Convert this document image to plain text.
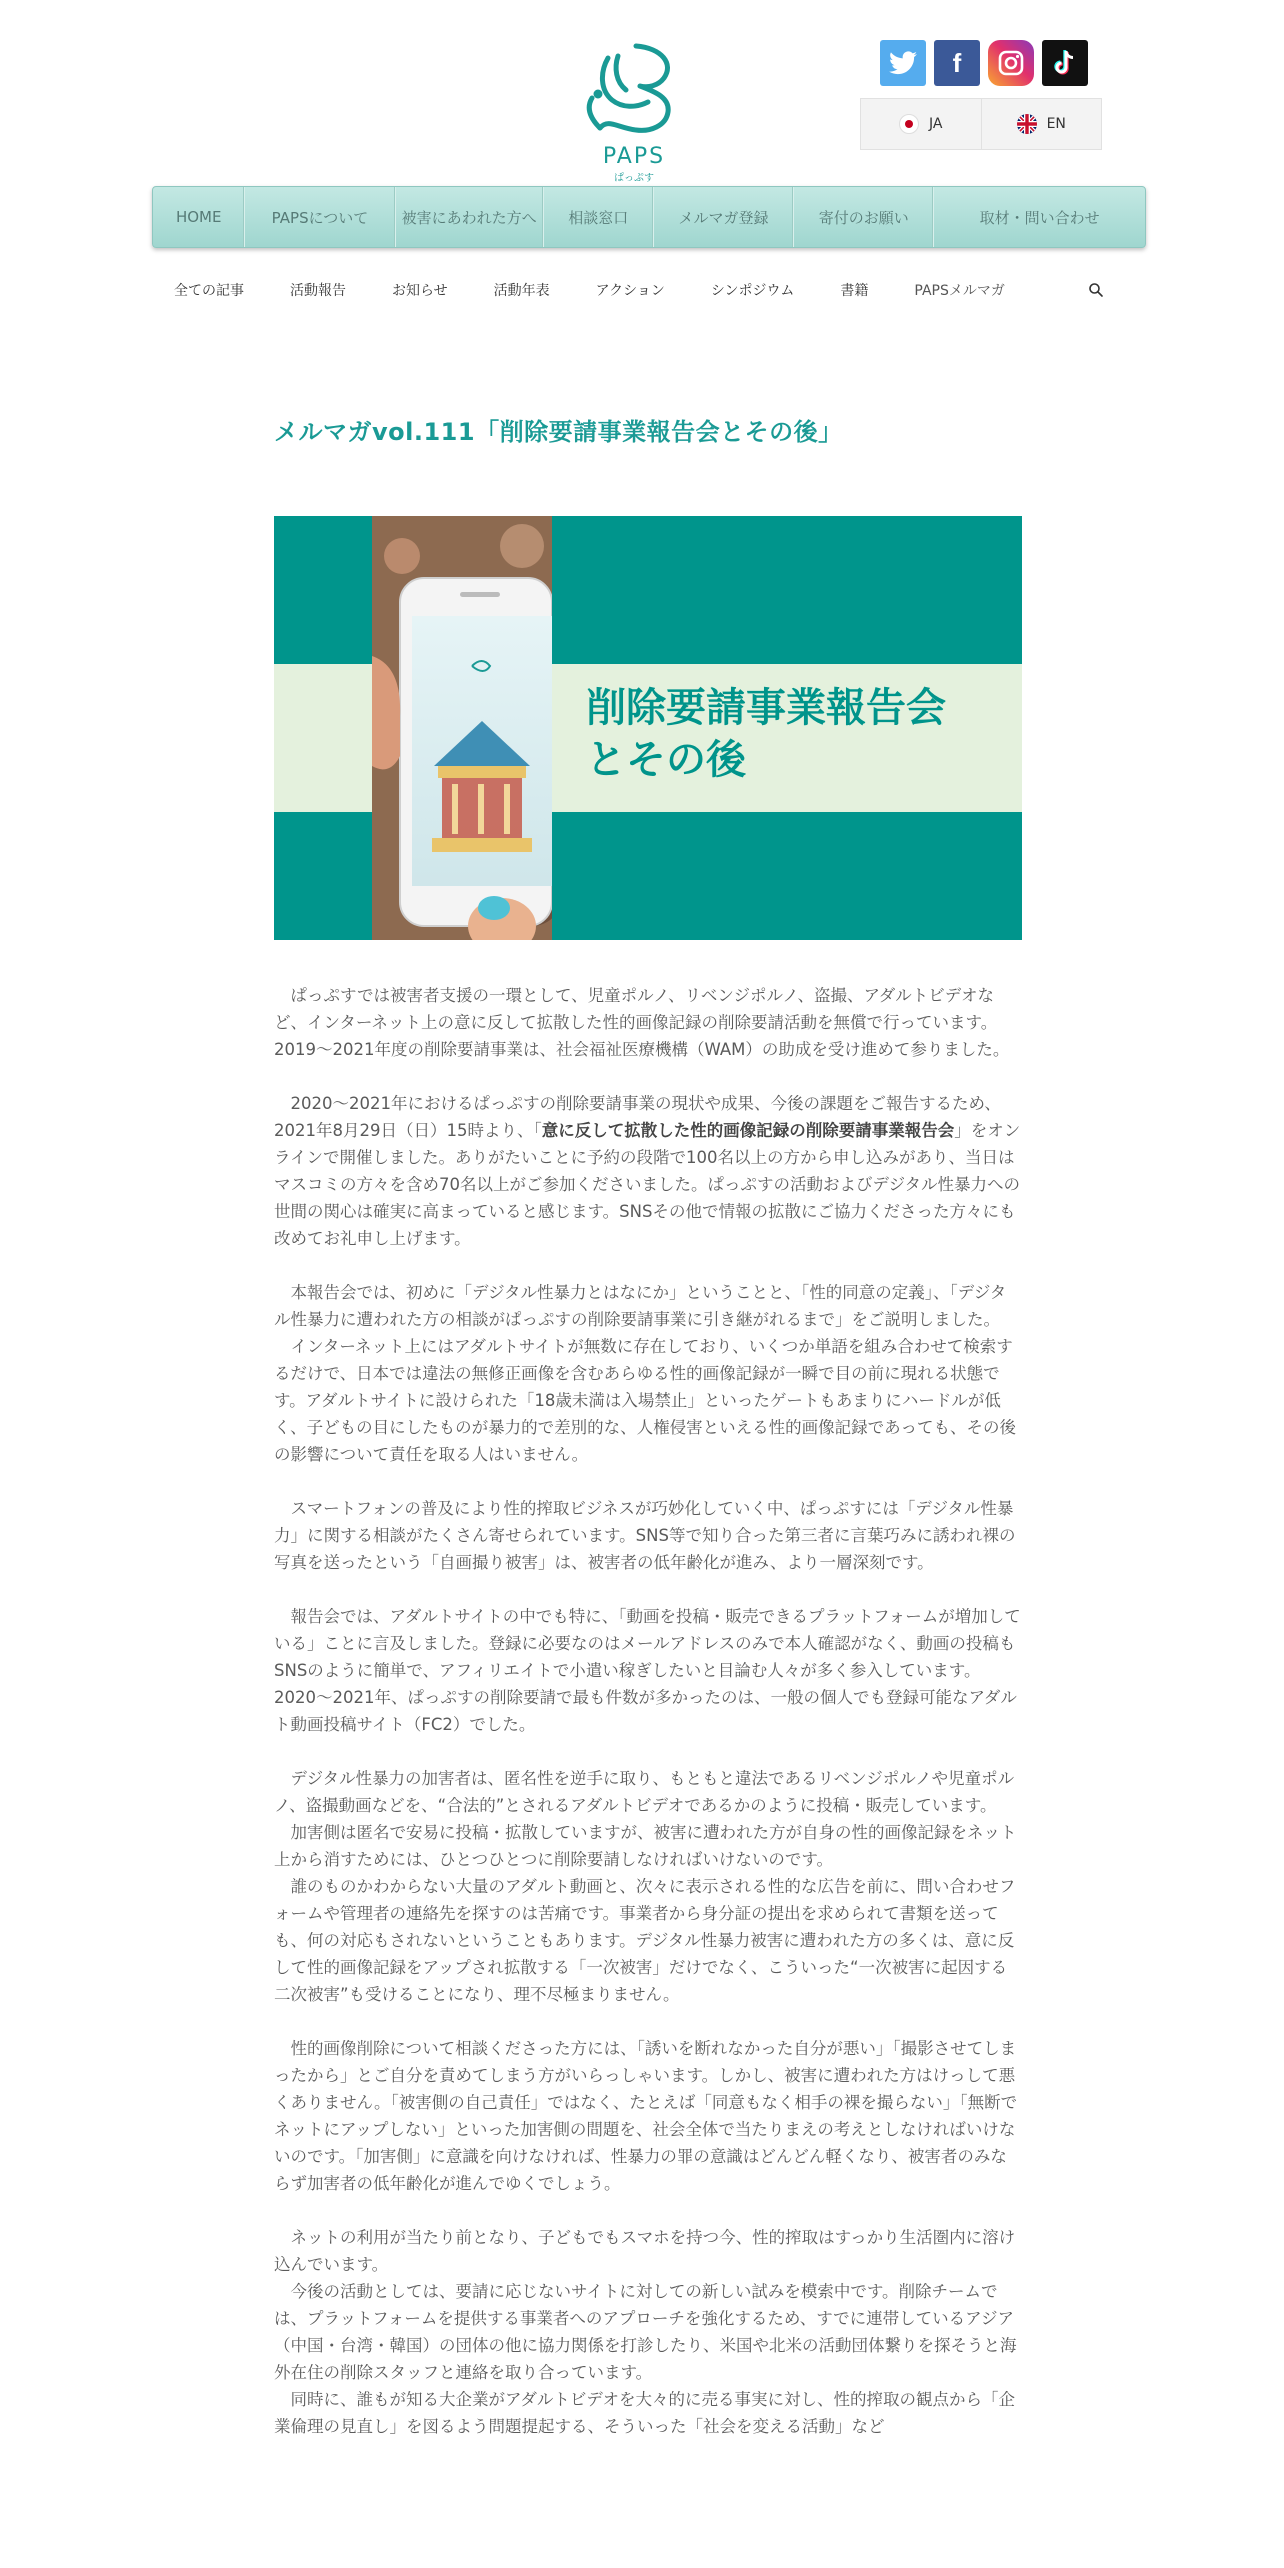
PAPS
ぱっぷす
f
JA	EN
HOME	PAPSについて	被害にあわれた方へ	相談窓口	メルマガ登録	寄付のお願い	取材・問い合わせ
全ての記事	活動報告	お知らせ	活動年表	アクション	シンポジウム	書籍	PAPSメルマガ
メルマガvol.111「削除要請事業報告会とその後」
削除要請事業報告会
とその後

　ぱっぷすでは被害者支援の一環として、児童ポルノ、リベンジポルノ、盗撮、アダルトビデオなど、インターネット上の意に反して拡散した性的画像記録の削除要請活動を無償で行っています。2019～2021年度の削除要請事業は、社会福祉医療機構（WAM）の助成を受け進めて参りました。

　2020～2021年におけるぱっぷすの削除要請事業の現状や成果、今後の課題をご報告するため、2021年8月29日（日）15時より、「意に反して拡散した性的画像記録の削除要請事業報告会」をオンラインで開催しました。ありがたいことに予約の段階で100名以上の方から申し込みがあり、当日はマスコミの方々を含め70名以上がご参加くださいました。ぱっぷすの活動およびデジタル性暴力への世間の関心は確実に高まっていると感じます。SNSその他で情報の拡散にご協力くださった方々にも改めてお礼申し上げます。

　本報告会では、初めに「デジタル性暴力とはなにか」ということと、「性的同意の定義」、「デジタル性暴力に遭われた方の相談がぱっぷすの削除要請事業に引き継がれるまで」をご説明しました。

　インターネット上にはアダルトサイトが無数に存在しており、いくつか単語を組み合わせて検索するだけで、日本では違法の無修正画像を含むあらゆる性的画像記録が一瞬で目の前に現れる状態です。アダルトサイトに設けられた「18歳未満は入場禁止」といったゲートもあまりにハードルが低く、子どもの目にしたものが暴力的で差別的な、人権侵害といえる性的画像記録であっても、その後の影響について責任を取る人はいません。

　スマートフォンの普及により性的搾取ビジネスが巧妙化していく中、ぱっぷすには「デジタル性暴力」に関する相談がたくさん寄せられています。SNS等で知り合った第三者に言葉巧みに誘われ裸の写真を送ったという「自画撮り被害」は、被害者の低年齢化が進み、より一層深刻です。

　報告会では、アダルトサイトの中でも特に、「動画を投稿・販売できるプラットフォームが増加している」ことに言及しました。登録に必要なのはメールアドレスのみで本人確認がなく、動画の投稿もSNSのように簡単で、アフィリエイトで小遣い稼ぎしたいと目論む人々が多く参入しています。2020～2021年、ぱっぷすの削除要請で最も件数が多かったのは、一般の個人でも登録可能なアダルト動画投稿サイト（FC2）でした。

　デジタル性暴力の加害者は、匿名性を逆手に取り、もともと違法であるリベンジポルノや児童ポルノ、盗撮動画などを、“合法的”とされるアダルトビデオであるかのように投稿・販売しています。

　加害側は匿名で安易に投稿・拡散していますが、被害に遭われた方が自身の性的画像記録をネット上から消すためには、ひとつひとつに削除要請しなければいけないのです。

　誰のものかわからない大量のアダルト動画と、次々に表示される性的な広告を前に、問い合わせフォームや管理者の連絡先を探すのは苦痛です。事業者から身分証の提出を求められて書類を送っても、何の対応もされないということもあります。デジタル性暴力被害に遭われた方の多くは、意に反して性的画像記録をアップされ拡散する「一次被害」だけでなく、こういった“一次被害に起因する二次被害”も受けることになり、理不尽極まりません。

　性的画像削除について相談くださった方には、「誘いを断れなかった自分が悪い」「撮影させてしまったから」とご自分を責めてしまう方がいらっしゃいます。しかし、被害に遭われた方はけっして悪くありません。「被害側の自己責任」ではなく、たとえば「同意もなく相手の裸を撮らない」「無断でネットにアップしない」といった加害側の問題を、社会全体で当たりまえの考えとしなければいけないのです。「加害側」に意識を向けなければ、性暴力の罪の意識はどんどん軽くなり、被害者のみならず加害者の低年齢化が進んでゆくでしょう。

　ネットの利用が当たり前となり、子どもでもスマホを持つ今、性的搾取はすっかり生活圏内に溶け込んでいます。

　今後の活動としては、要請に応じないサイトに対しての新しい試みを模索中です。削除チームでは、プラットフォームを提供する事業者へのアプローチを強化するため、すでに連帯しているアジア（中国・台湾・韓国）の団体の他に協力関係を打診したり、米国や北米の活動団体繋りを探そうと海外在住の削除スタッフと連絡を取り合っています。

　同時に、誰もが知る大企業がアダルトビデオを大々的に売る事実に対し、性的搾取の観点から「企業倫理の見直し」を図るよう問題提起する、そういった「社会を変える活動」など
